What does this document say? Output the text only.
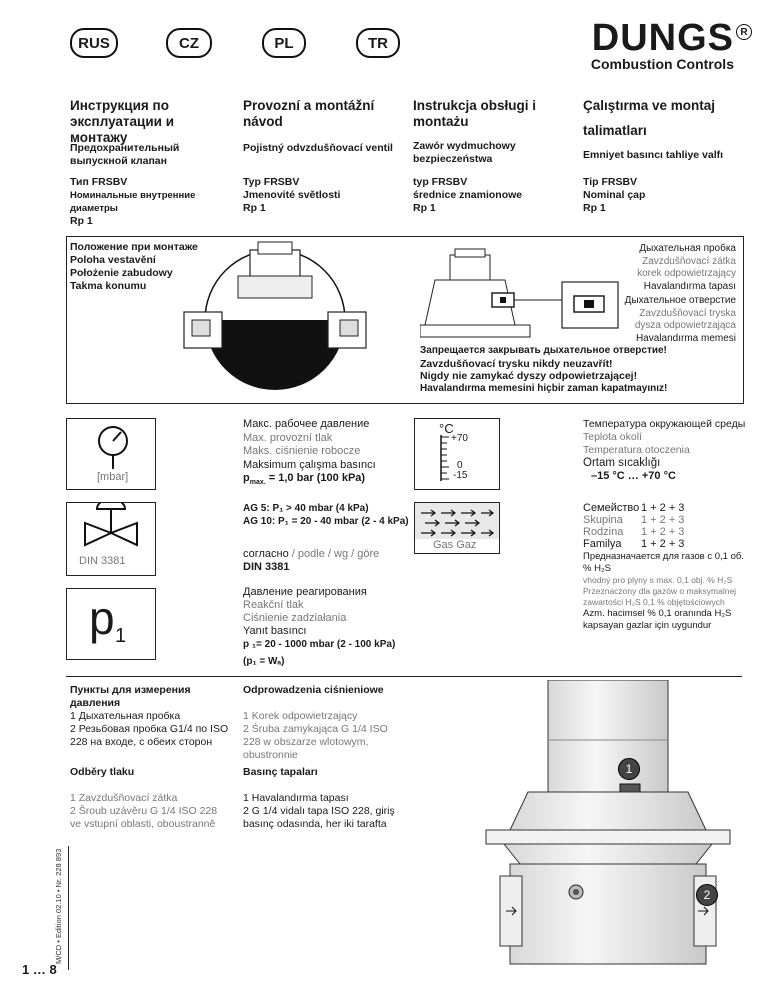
RUS	CZ	PL	TR	DUNGS R
Combustion Controls
Инструкция по эксплуатации и монтажу
Provozní a montážní návod
Instrukcja obsługi i montażu
Çalıştırma ve montaj
talimatları
Предохранительный выпускной клапан
Pojistný odvzdušňovací ventil	Zawór wydmuchowy bezpieczeństwa	Emniyet basıncı tahliye valfı
Тип FRSBV
Номинальные внутренние диаметры
Rp 1
Typ FRSBV
Jmenovité světlosti
Rp 1
typ FRSBV
średnice znamionowe
Rp 1
Tip FRSBV
Nominal çap
Rp 1
Положение при монтаже
Poloha vestavění
Położenie zabudowy
Takma konumu
Дыхательная пробка
Zavzdušňovací zátka
korek odpowietrzający
Havalandırma tapası
Дыхательное отверстие
Zavzdušňovací tryska
dysza odpowietrzająca
Havalandırma memesi
Запрещается закрывать дыхательное отверстие!
Zavzdušňovací trysku nikdy neuzavřít!
Nigdy nie zamykać dyszy odpowietrzającej!
Havalandırma memesini hiçbir zaman kapatmayınız!
[mbar]
Макс. рабочее давление
Max. provozní tlak
Maks. ciśnienie robocze
Maksimum çalışma basıncı
$p_{max.} = 1,0$ bar (100 kPa)
°C
+70
0
-15
Температура окружающей среды
Teplota okolí
Temperatura otoczenia
Ortam sıcaklığı
–15 °C … +70 °C
DIN 3381
AG 5: P₁ > 40 mbar (4 kPa)
AG 10: P₁ = 20 - 40 mbar (2 - 4 kPa)
согласно / podle / wg / göre
DIN 3381
Gas Gaz
Семейство 1 + 2 + 3
Skupina 1 + 2 + 3
Rodzina 1 + 2 + 3
Familya 1 + 2 + 3
Предназначается для газов с 0,1 об. % H₂S
vhodný pro plyny s max. 0,1 obj. % H₂S
Przeznaczony dla gazów o maksymalnej
zawartości H₂S 0,1 % objętościowych
Azm. hacimsel % 0,1 oranında H₂S
kapsayan gazlar için uygundur
p 1
Давление реагирования
Reakční tlak
Ciśnienie zadziałania
Yanıt basıncı
p ₁= 20 - 1000 mbar (2 - 100 kPa)
(p₁ = Wₐ)
Пункты для измерения давления
1 Дыхательная пробка
2 Резьбовая пробка G1/4 по ISO 228 на входе, с обеих сторон
Odprowadzenia ciśnieniowe
1 Korek odpowietrzający
2 Śruba zamykająca G 1/4 ISO 228 w obszarze wlotowym, obustronnie
Odběry tlaku
1 Zavzdušňovací zátka
2 Šroub uzávěru G 1/4 ISO 228 ve vstupní oblasti, oboustranně
Basınç tapaları
1 Havalandırma tapası
2 G 1/4 vidalı tapa ISO 228, giriş basınç odasında, her iki tarafta
1
2
M/CD • Edition 02.10 • Nr. 228 893
1 … 8
